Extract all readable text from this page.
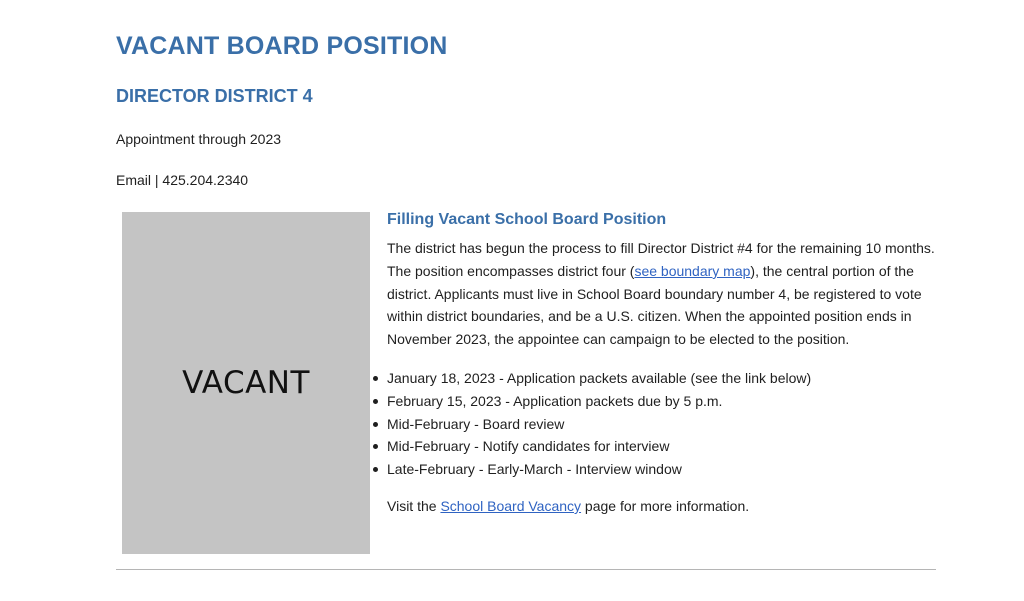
VACANT BOARD POSITION
DIRECTOR DISTRICT 4

Appointment through 2023

Email | 425.204.2340

VACANT
Filling Vacant School Board Position

The district has begun the process to fill Director District #4 for the remaining 10 months. The position encompasses district four (see boundary map), the central portion of the district. Applicants must live in School Board boundary number 4, be registered to vote within district boundaries, and be a U.S. citizen. When the appointed position ends in November 2023, the appointee can campaign to be elected to the position.

January 18, 2023 - Application packets available (see the link below)
February 15, 2023 - Application packets due by 5 p.m.
Mid-February - Board review
Mid-February - Notify candidates for interview
Late-February - Early-March - Interview window

Visit the School Board Vacancy page for more information.
